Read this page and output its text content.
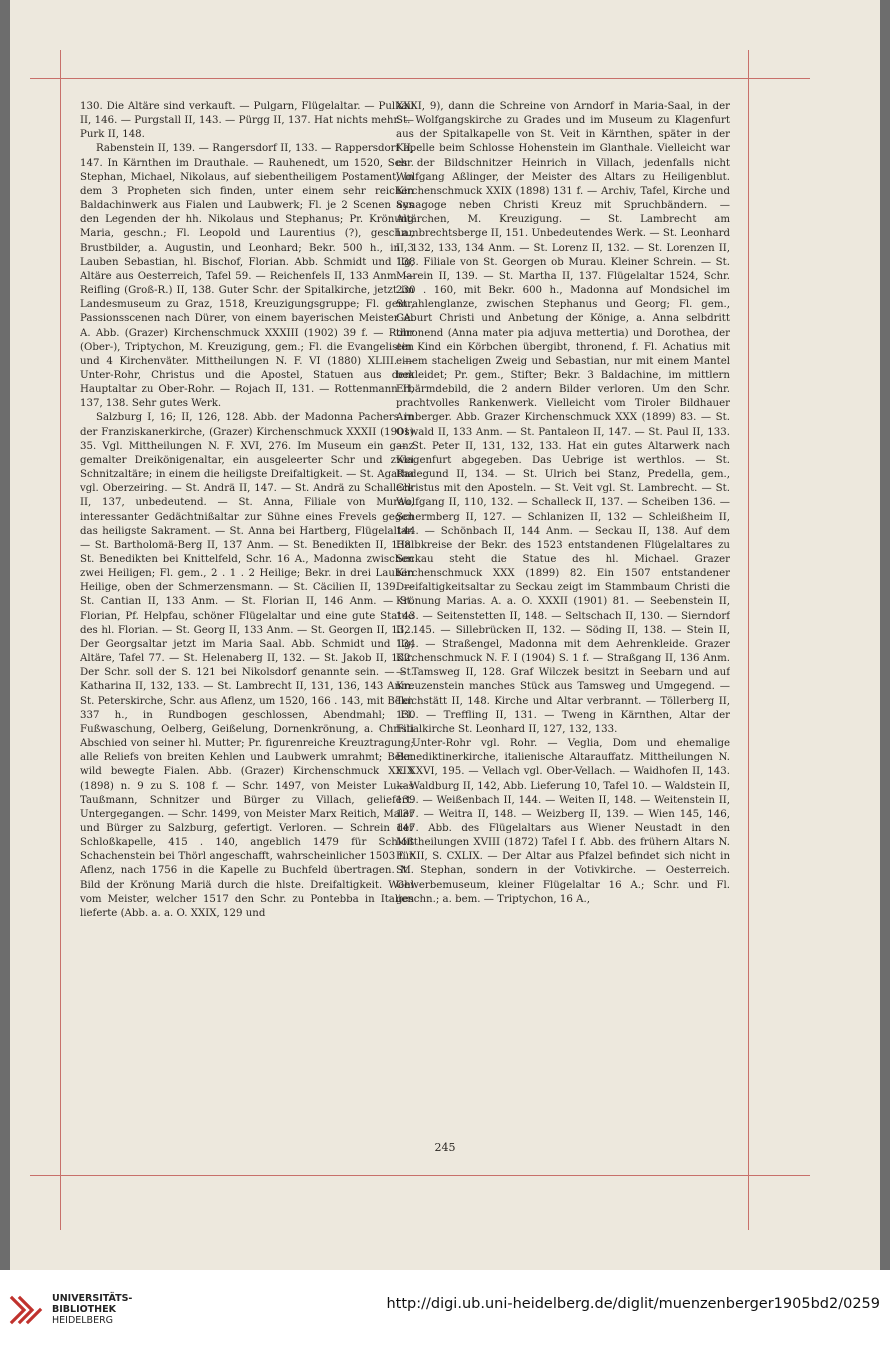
130. Die Altäre sind verkauft. — Pulgarn, Flügelaltar. — Pulkau II, 146. — Purgstall II, 143. — Pürgg II, 137. Hat nichts mehr. — Purk II, 148.

Rabenstein II, 139. — Rangersdorf II, 133. — Rappersdorf II, 147. In Kärnthen im Drauthale. — Rauhenedt, um 1520, Schr. Stephan, Michael, Nikolaus, auf siebentheiligem Postament, in dem 3 Propheten sich finden, unter einem sehr reichen Baldachinwerk aus Fialen und Laubwerk; Fl. je 2 Scenen aus den Legenden der hh. Nikolaus und Stephanus; Pr. Krönung Maria, geschn.; Fl. Leopold und Laurentius (?), geschn., Brustbilder, a. Augustin, und Leonhard; Bekr. 500 h., in 3 Lauben Sebastian, hl. Bischof, Florian. Abb. Schmidt und Ilg, Altäre aus Oesterreich, Tafel 59. — Reichenfels II, 133 Anm. — Reifling (Groß-R.) II, 138. Guter Schr. der Spitalkirche, jetzt im Landesmuseum zu Graz, 1518, Kreuzigungsgruppe; Fl. gem., Passionsscenen nach Dürer, von einem bayerischen Meister A. A. Abb. (Grazer) Kirchenschmuck XXXIII (1902) 39 f. — Rohr (Ober-), Triptychon, M. Kreuzigung, gem.; Fl. die Evangelisten und 4 Kirchenväter. Mittheilungen N. F. VI (1880) XLIII. — Unter-Rohr, Christus und die Apostel, Statuen aus dem Hauptaltar zu Ober-Rohr. — Rojach II, 131. — Rottenmann II, 137, 138. Sehr gutes Werk.

Salzburg I, 16; II, 126, 128. Abb. der Madonna Pachers in der Franziskanerkirche, (Grazer) Kirchenschmuck XXXII (1901) 35. Vgl. Mittheilungen N. F. XVI, 276. Im Museum ein ganz gemalter Dreikönigenaltar, ein ausgeleerter Schr und zwei Schnitzaltäre; in einem die heiligste Dreifaltigkeit. — St. Agatha vgl. Oberzeiring. — St. Andrä II, 147. — St. Andrä zu Schalleck II, 137, unbedeutend. — St. Anna, Filiale von Murau, interessanter Gedächtnißaltar zur Sühne eines Frevels gegen das heiligste Sakrament. — St. Anna bei Hartberg, Flügelaltar. — St. Bartholomä-Berg II, 137 Anm. — St. Benedikten II, 138. St. Benedikten bei Knittelfeld, Schr. 16 A., Madonna zwischen zwei Heiligen; Fl. gem., 2 . 1 . 2 Heilige; Bekr. in drei Lauben Heilige, oben der Schmerzensmann. — St. Cäcilien II, 139. — St. Cantian II, 133 Anm. — St. Florian II, 146 Anm. — St. Florian, Pf. Helpfau, schöner Flügelaltar und eine gute Statue des hl. Florian. — St. Georg II, 133 Anm. — St. Georgen II, 132. Der Georgsaltar jetzt im Maria Saal. Abb. Schmidt und Ilg, Altäre, Tafel 77. — St. Helenaberg II, 132. — St. Jakob II, 132. Der Schr. soll der S. 121 bei Nikolsdorf genannte sein. — St. Katharina II, 132, 133. — St. Lambrecht II, 131, 136, 143 Anm. St. Peterskirche, Schr. aus Aflenz, um 1520, 166 . 143, mit Bekr. 337 h., in Rundbogen geschlossen, Abendmahl; Fl. Fußwaschung, Oelberg, Geißelung, Dornenkrönung, a. Christi Abschied von seiner hl. Mutter; Pr. figurenreiche Kreuztragung; alle Reliefs von breiten Kehlen und Laubwerk umrahmt; Bekr. wild bewegte Fialen. Abb. (Grazer) Kirchenschmuck XXIX (1898) n. 9 zu S. 108 f. — Schr. 1497, von Meister Lukas Taußmann, Schnitzer und Bürger zu Villach, geliefert. Untergegangen. — Schr. 1499, von Meister Marx Reitich, Maler und Bürger zu Salzburg, gefertigt. Verloren. — Schrein der Schloßkapelle, 415 . 140, angeblich 1479 für Schloß Schachenstein bei Thörl angeschafft, wahrscheinlicher 1503 für Aflenz, nach 1756 in die Kapelle zu Buchfeld übertragen. M. Bild der Krönung Mariä durch die hlste. Dreifaltigkeit. Wohl vom Meister, welcher 1517 den Schr. zu Pontebba in Italien lieferte (Abb. a. a. O. XXIX, 129 und

XXXI, 9), dann die Schreine von Arndorf in Maria-Saal, in der St. Wolfgangskirche zu Grades und im Museum zu Klagenfurt aus der Spitalkapelle von St. Veit in Kärnthen, später in der Kapelle beim Schlosse Hohenstein im Glanthale. Vielleicht war es der Bildschnitzer Heinrich in Villach, jedenfalls nicht Wolfgang Aßlinger, der Meister des Altars zu Heiligenblut. Kirchenschmuck XXIX (1898) 131 f. — Archiv, Tafel, Kirche und Synagoge neben Christi Kreuz mit Spruchbändern. — Altärchen, M. Kreuzigung. — St. Lambrecht am Lambrechtsberge II, 151. Unbedeutendes Werk. — St. Leonhard II, 132, 133, 134 Anm. — St. Lorenz II, 132. — St. Lorenzen II, 138. Filiale von St. Georgen ob Murau. Kleiner Schrein. — St. Marein II, 139. — St. Martha II, 137. Flügelaltar 1524, Schr. 230 . 160, mit Bekr. 600 h., Madonna auf Mondsichel im Strahlenglanze, zwischen Stephanus und Georg; Fl. gem., Geburt Christi und Anbetung der Könige, a. Anna selbdritt thronend (Anna mater pia adjuva mettertia) und Dorothea, der ein Kind ein Körbchen übergibt, thronend, f. Fl. Achatius mit einem stacheligen Zweig und Sebastian, nur mit einem Mantel bekleidet; Pr. gem., Stifter; Bekr. 3 Baldachine, im mittlern Erbärmdebild, die 2 andern Bilder verloren. Um den Schr. prachtvolles Rankenwerk. Vielleicht vom Tiroler Bildhauer Arnberger. Abb. Grazer Kirchenschmuck XXX (1899) 83. — St. Oswald II, 133 Anm. — St. Pantaleon II, 147. — St. Paul II, 133. — St. Peter II, 131, 132, 133. Hat ein gutes Altarwerk nach Klagenfurt abgegeben. Das Uebrige ist werthlos. — St. Radegund II, 134. — St. Ulrich bei Stanz, Predella, gem., Christus mit den Aposteln. — St. Veit vgl. St. Lambrecht. — St. Wolfgang II, 110, 132. — Schalleck II, 137. — Scheiben 136. — Schermberg II, 127. — Schlanizen II, 132 — Schleißheim II, 144. — Schönbach II, 144 Anm. — Seckau II, 138. Auf dem Halbkreise der Bekr. des 1523 entstandenen Flügelaltares zu Seckau steht die Statue des hl. Michael. Grazer Kirchenschmuck XXX (1899) 82. Ein 1507 entstandener Dreifaltigkeitsaltar zu Seckau zeigt im Stammbaum Christi die Krönung Marias. A. a. O. XXXII (1901) 81. — Seebenstein II, 143. — Seitenstetten II, 148. — Seltschach II, 130. — Sierndorf II, 145. — Sillebrücken II, 132. — Söding II, 138. — Stein II, 134. — Straßengel, Madonna mit dem Aehrenkleide. Grazer Kirchenschmuck N. F. I (1904) S. 1 f. — Straßgang II, 136 Anm. — Tamsweg II, 128. Graf Wilczek besitzt in Seebarn und auf Kreuzenstein manches Stück aus Tamsweg und Umgegend. — Teichstätt II, 148. Kirche und Altar verbrannt. — Töllerberg II, 130. — Treffling II, 131. — Tweng in Kärnthen, Altar der Filialkirche St. Leonhard II, 127, 132, 133.

Unter-Rohr vgl. Rohr. — Veglia, Dom und ehemalige Benediktinerkirche, italienische Altarauffatz. Mittheilungen N. F. XXVI, 195. — Vellach vgl. Ober-Vellach. — Waidhofen II, 143. — Waldburg II, 142, Abb. Lieferung 10, Tafel 10. — Waldstein II, 139. — Weißenbach II, 144. — Weiten II, 148. — Weitenstein II, 137. — Weitra II, 148. — Weizberg II, 139. — Wien 145, 146, 147. Abb. des Flügelaltars aus Wiener Neustadt in den Mittheilungen XVIII (1872) Tafel I f. Abb. des frühern Altars N. F. XII, S. CXLIX. — Der Altar aus Pfalzel befindet sich nicht in St. Stephan, sondern in der Votivkirche. — Oesterreich. Gewerbemuseum, kleiner Flügelaltar 16 A.; Schr. und Fl. geschn.; a. bem. — Triptychon, 16 A.,

245
UNIVERSITÄTS-
BIBLIOTHEK
HEIDELBERG
http://digi.ub.uni-heidelberg.de/diglit/muenzenberger1905bd2/0259
